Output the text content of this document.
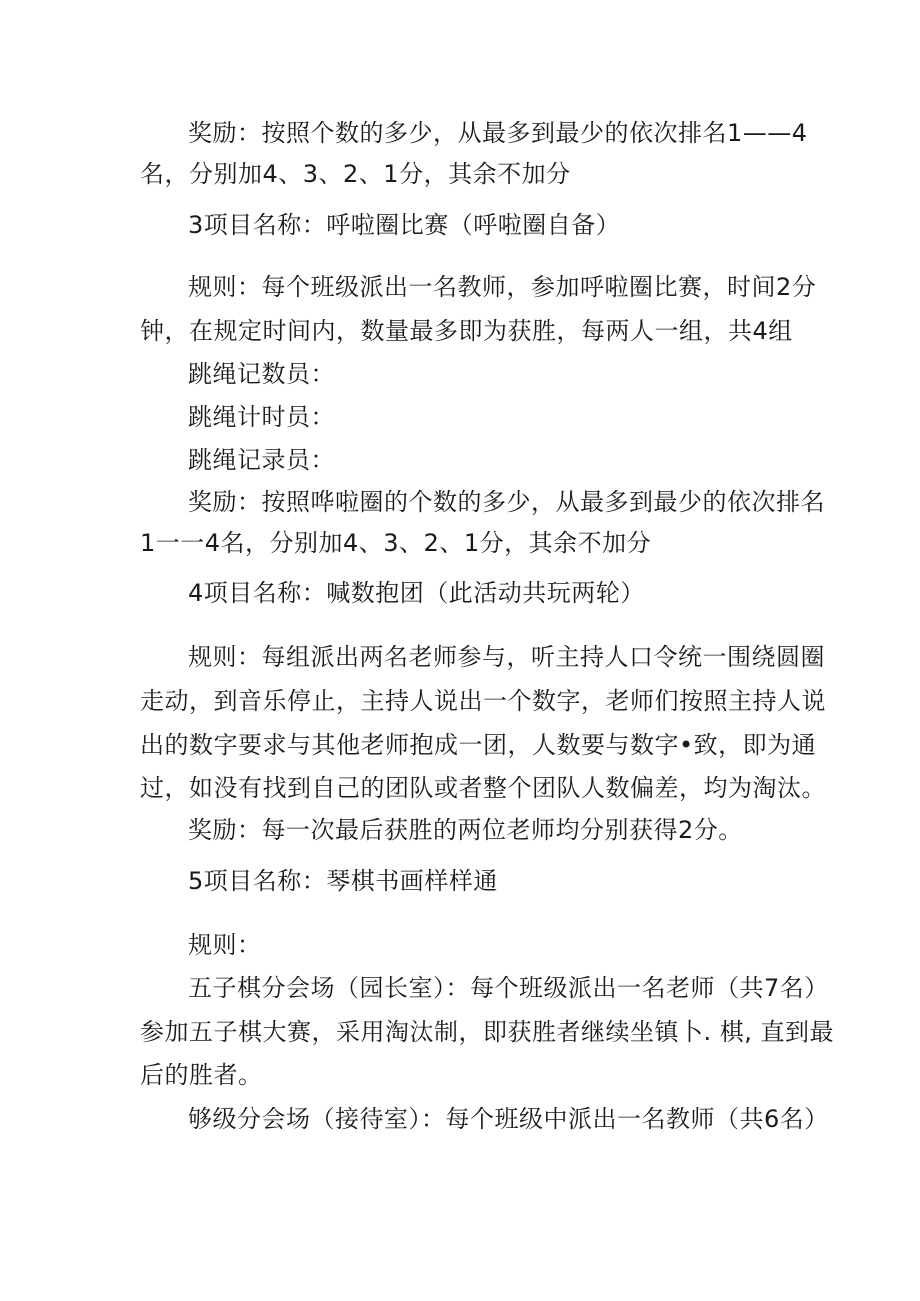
奖励：按照个数的多少，从最多到最少的依次排名1——4
名，分别加4、3、2、1分，其余不加分
3项目名称：呼啦圈比赛（呼啦圈自备）
规则：每个班级派出一名教师，参加呼啦圈比赛，时间2分
钟，在规定时间内，数量最多即为获胜，每两人一组，共4组
跳绳记数员：
跳绳计时员：
跳绳记录员：
奖励：按照哗啦圈的个数的多少，从最多到最少的依次排名
1一一4名，分别加4、3、2、1分，其余不加分
4项目名称：喊数抱团（此活动共玩两轮）
规则：每组派出两名老师参与，听主持人口令统一围绕圆圈
走动，到音乐停止，主持人说出一个数字，老师们按照主持人说
出的数字要求与其他老师抱成一团，人数要与数字•致，即为通
过，如没有找到自己的团队或者整个团队人数偏差，均为淘汰。
奖励：每一次最后获胜的两位老师均分别获得2分。
5项目名称：琴棋书画样样通
规则：
五子棋分会场（园长室）：每个班级派出一名老师（共7名）
参加五子棋大赛，采用淘汰制，即获胜者继续坐镇卜. 棋, 直到最
后的胜者。
够级分会场（接待室）：每个班级中派出一名教师（共6名）
